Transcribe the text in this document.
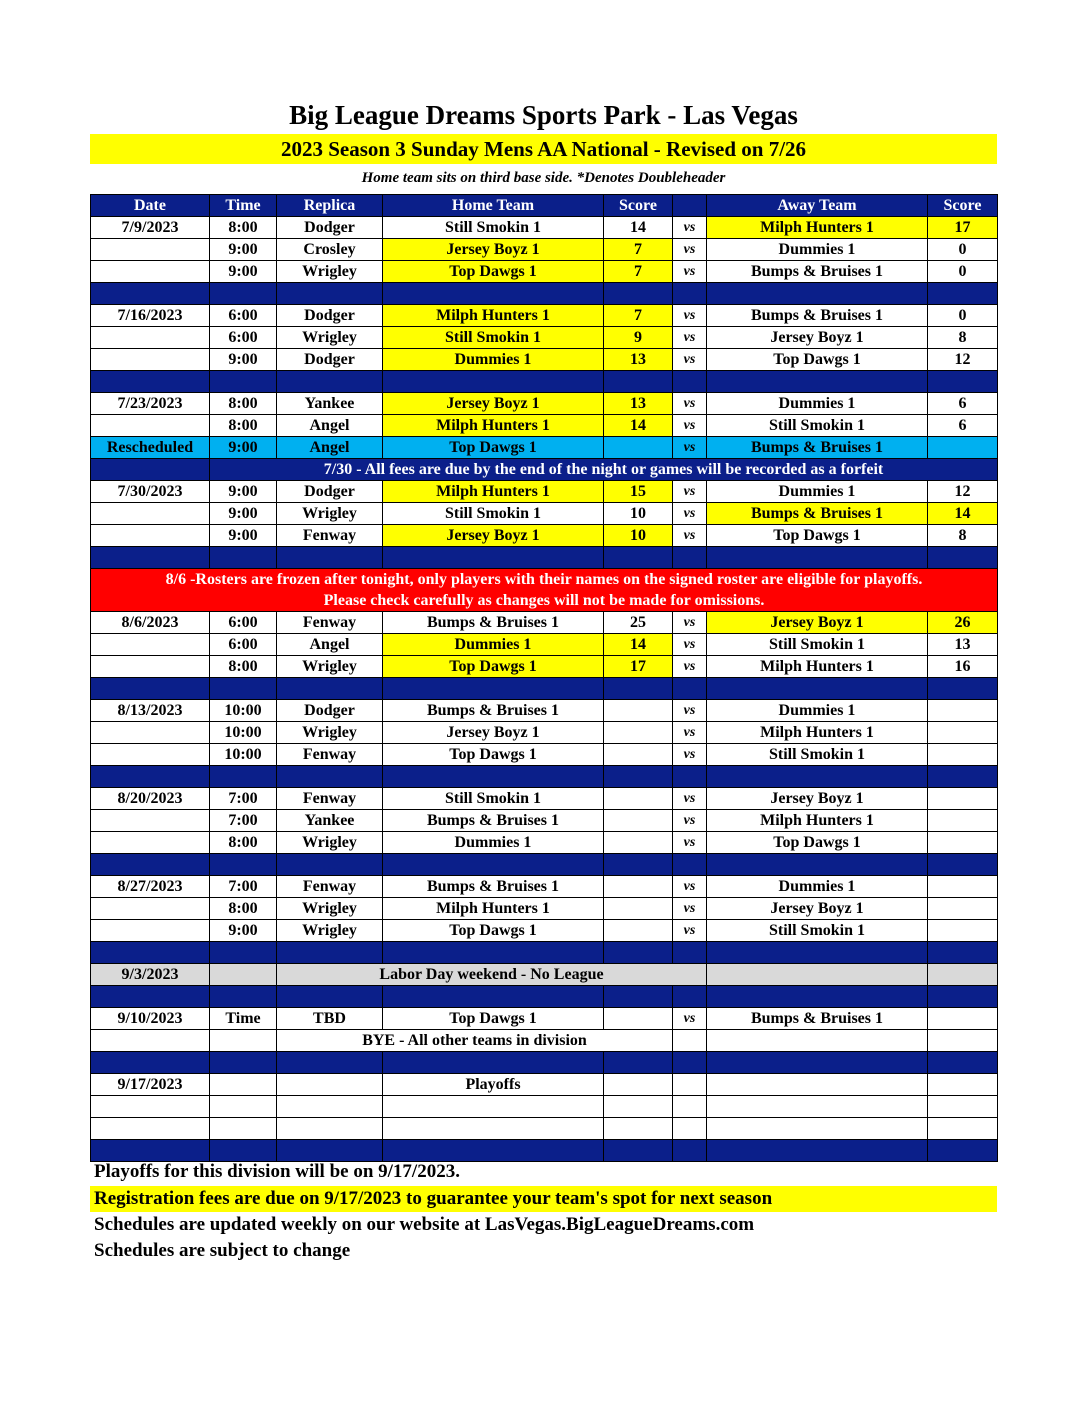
Big League Dreams Sports Park - Las Vegas
2023 Season 3 Sunday Mens AA National - Revised on 7/26
Home team sits on third base side. *Denotes Doubleheader
Date	Time	Replica	Home Team	Score		Away Team	Score
7/9/2023	8:00	Dodger	Still Smokin 1	14	vs	Milph Hunters 1	17
	9:00	Crosley	Jersey Boyz 1	7	vs	Dummies 1	0
	9:00	Wrigley	Top Dawgs 1	7	vs	Bumps & Bruises 1	0

7/16/2023	6:00	Dodger	Milph Hunters 1	7	vs	Bumps & Bruises 1	0
	6:00	Wrigley	Still Smokin 1	9	vs	Jersey Boyz 1	8
	9:00	Dodger	Dummies 1	13	vs	Top Dawgs 1	12

7/23/2023	8:00	Yankee	Jersey Boyz 1	13	vs	Dummies 1	6
	8:00	Angel	Milph Hunters 1	14	vs	Still Smokin 1	6
Rescheduled	9:00	Angel	Top Dawgs 1		vs	Bumps & Bruises 1	
	7/30 - All fees are due by the end of the night or games will be recorded as a forfeit						
7/30/2023	9:00	Dodger	Milph Hunters 1	15	vs	Dummies 1	12
	9:00	Wrigley	Still Smokin 1	10	vs	Bumps & Bruises 1	14
	9:00	Fenway	Jersey Boyz 1	10	vs	Top Dawgs 1	8

8/6 -Rosters are frozen after tonight, only players with their names on the signed roster are eligible for playoffs.
Please check carefully as changes will not be made for omissions.							

8/6/2023	6:00	Fenway	Bumps & Bruises 1	25	vs	Jersey Boyz 1	26
	6:00	Angel	Dummies 1	14	vs	Still Smokin 1	13
	8:00	Wrigley	Top Dawgs 1	17	vs	Milph Hunters 1	16

8/13/2023	10:00	Dodger	Bumps & Bruises 1		vs	Dummies 1	
	10:00	Wrigley	Jersey Boyz 1		vs	Milph Hunters 1	
	10:00	Fenway	Top Dawgs 1		vs	Still Smokin 1	

8/20/2023	7:00	Fenway	Still Smokin 1		vs	Jersey Boyz 1	
	7:00	Yankee	Bumps & Bruises 1		vs	Milph Hunters 1	
	8:00	Wrigley	Dummies 1		vs	Top Dawgs 1	

8/27/2023	7:00	Fenway	Bumps & Bruises 1		vs	Dummies 1	
	8:00	Wrigley	Milph Hunters 1		vs	Jersey Boyz 1	
	9:00	Wrigley	Top Dawgs 1		vs	Still Smokin 1	

9/3/2023		Labor Day weekend - No League					

9/10/2023	Time	TBD	Top Dawgs 1		vs	Bumps & Bruises 1	
		BYE - All other teams in division					

9/17/2023			Playoffs				

Playoffs for this division will be on 9/17/2023.
Registration fees are due on 9/17/2023 to guarantee your team's spot for next season
Schedules are updated weekly on our website at LasVegas.BigLeagueDreams.com
Schedules are subject to change
